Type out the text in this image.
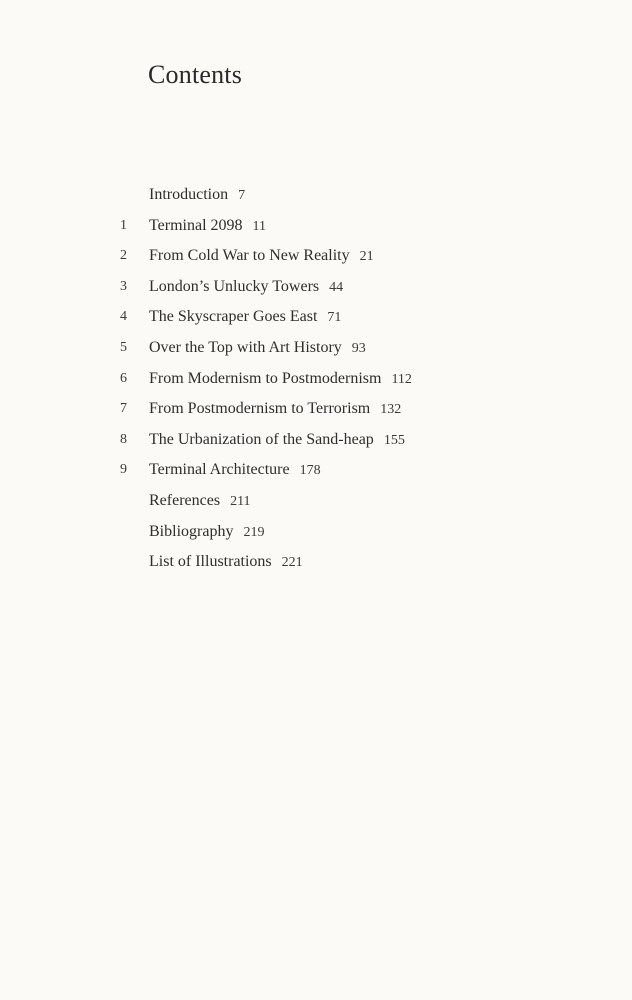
Contents
Introduction 7
1	Terminal 2098 11
2	From Cold War to New Reality 21
3	London’s Unlucky Towers 44
4	The Skyscraper Goes East 71
5	Over the Top with Art History 93
6	From Modernism to Postmodernism 112
7	From Postmodernism to Terrorism 132
8	The Urbanization of the Sand-heap 155
9	Terminal Architecture 178
References 211
Bibliography 219
List of Illustrations 221
